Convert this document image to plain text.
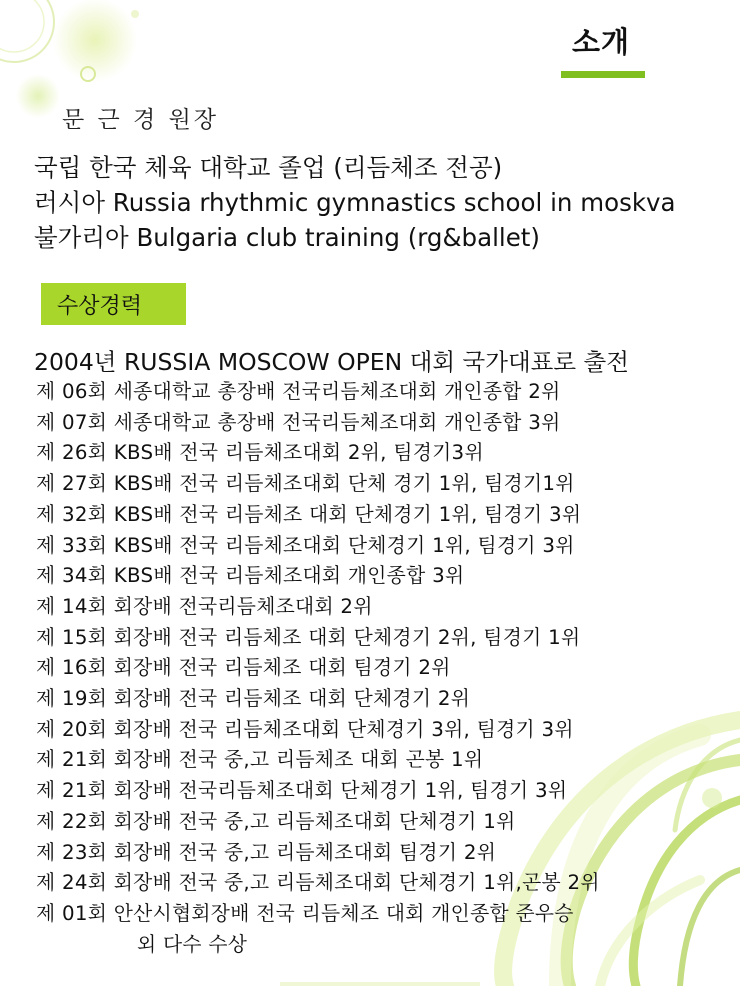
소개
문 근 경 원장
국립 한국 체육 대학교 졸업 (리듬체조 전공)
러시아 Russia rhythmic gymnastics school in moskva
불가리아 Bulgaria club training (rg&ballet)
수상경력
2004년 RUSSIA MOSCOW OPEN 대회 국가대표로 출전
제 06회 세종대학교 총장배 전국리듬체조대회 개인종합 2위
제 07회 세종대학교 총장배 전국리듬체조대회 개인종합 3위
제 26회 KBS배 전국 리듬체조대회 2위, 팀경기3위
제 27회 KBS배 전국 리듬체조대회 단체 경기 1위, 팀경기1위
제 32회 KBS배 전국 리듬체조 대회 단체경기 1위, 팀경기 3위
제 33회 KBS배 전국 리듬체조대회 단체경기 1위, 팀경기 3위
제 34회 KBS배 전국 리듬체조대회 개인종합 3위
제 14회 회장배 전국리듬체조대회 2위
제 15회 회장배 전국 리듬체조 대회 단체경기 2위, 팀경기 1위
제 16회 회장배 전국 리듬체조 대회 팀경기 2위
제 19회 회장배 전국 리듬체조 대회 단체경기 2위
제 20회 회장배 전국 리듬체조대회 단체경기 3위, 팀경기 3위
제 21회 회장배 전국 중,고 리듬체조 대회 곤봉 1위
제 21회 회장배 전국리듬체조대회 단체경기 1위, 팀경기 3위
제 22회 회장배 전국 중,고 리듬체조대회 단체경기 1위
제 23회 회장배 전국 중,고 리듬체조대회 팀경기 2위
제 24회 회장배 전국 중,고 리듬체조대회 단체경기 1위,곤봉 2위
제 01회 안산시협회장배 전국 리듬체조 대회 개인종합 준우승
외 다수 수상
